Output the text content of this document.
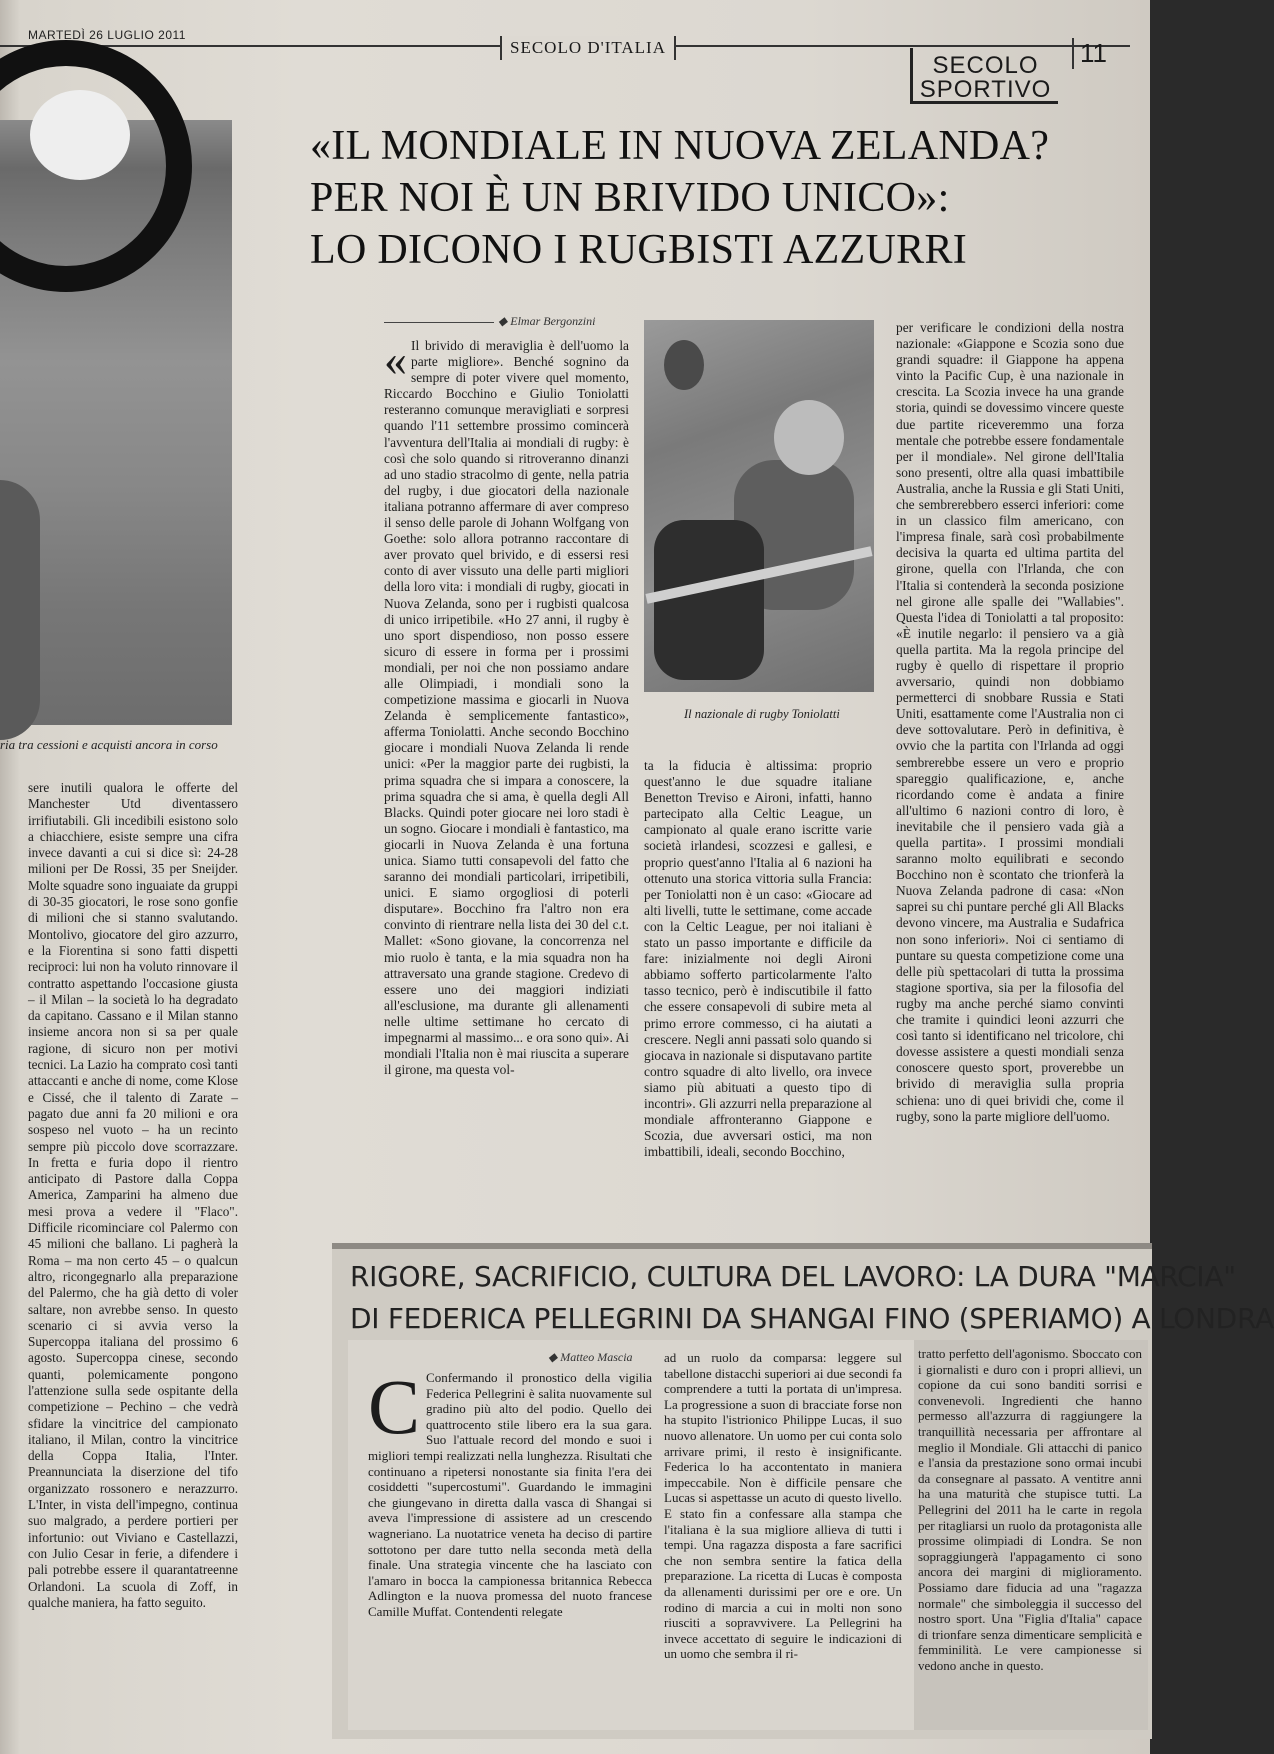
MARTEDÌ 26 LUGLIO 2011
SECOLO D'ITALIA
SECOLO
SPORTIVO
11
ria tra cessioni e acquisti ancora in corso
sere inutili qualora le offerte del Manchester Utd diventassero irrifiutabili. Gli incedibili esistono solo a chiacchiere, esiste sempre una cifra invece davanti a cui si dice sì: 24-28 milioni per De Rossi, 35 per Sneijder. Molte squadre sono inguaiate da gruppi di 30-35 giocatori, le rose sono gonfie di milioni che si stanno svalutando. Montolivo, giocatore del giro azzurro, e la Fiorentina si sono fatti dispetti reciproci: lui non ha voluto rinnovare il contratto aspettando l'occasione giusta – il Milan – la società lo ha degradato da capitano. Cassano e il Milan stanno insieme ancora non si sa per quale ragione, di sicuro non per motivi tecnici. La Lazio ha comprato così tanti attaccanti e anche di nome, come Klose e Cissé, che il talento di Zarate – pagato due anni fa 20 milioni e ora sospeso nel vuoto – ha un recinto sempre più piccolo dove scorrazzare. In fretta e furia dopo il rientro anticipato di Pastore dalla Coppa America, Zamparini ha almeno due mesi prova a vedere il "Flaco". Difficile ricominciare col Palermo con 45 milioni che ballano. Li pagherà la Roma – ma non certo 45 – o qualcun altro, ricongegnarlo alla preparazione del Palermo, che ha già detto di voler saltare, non avrebbe senso. In questo scenario ci si avvia verso la Supercoppa italiana del prossimo 6 agosto. Supercoppa cinese, secondo quanti, polemicamente pongono l'attenzione sulla sede ospitante della competizione – Pechino – che vedrà sfidare la vincitrice del campionato italiano, il Milan, contro la vincitrice della Coppa Italia, l'Inter. Preannunciata la diserzione del tifo organizzato rossonero e nerazzurro. L'Inter, in vista dell'impegno, continua suo malgrado, a perdere portieri per infortunio: out Viviano e Castellazzi, con Julio Cesar in ferie, a difendere i pali potrebbe essere il quarantatreenne Orlandoni. La scuola di Zoff, in qualche maniera, ha fatto seguito.
«IL MONDIALE IN NUOVA ZELANDA?
PER NOI È UN BRIVIDO UNICO»:
LO DICONO I RUGBISTI AZZURRI
◆ Elmar Bergonzini
« Il brivido di meraviglia è dell'uomo la parte migliore». Benché sognino da sempre di poter vivere quel momento, Riccardo Bocchino e Giulio Toniolatti resteranno comunque meravigliati e sorpresi quando l'11 settembre prossimo comincerà l'avventura dell'Italia ai mondiali di rugby: è così che solo quando si ritroveranno dinanzi ad uno stadio stracolmo di gente, nella patria del rugby, i due giocatori della nazionale italiana potranno affermare di aver compreso il senso delle parole di Johann Wolfgang von Goethe: solo allora potranno raccontare di aver provato quel brivido, e di essersi resi conto di aver vissuto una delle parti migliori della loro vita: i mondiali di rugby, giocati in Nuova Zelanda, sono per i rugbisti qualcosa di unico irripetibile. «Ho 27 anni, il rugby è uno sport dispendioso, non posso essere sicuro di essere in forma per i prossimi mondiali, per noi che non possiamo andare alle Olimpiadi, i mondiali sono la competizione massima e giocarli in Nuova Zelanda è semplicemente fantastico», afferma Toniolatti. Anche secondo Bocchino giocare i mondiali Nuova Zelanda li rende unici: «Per la maggior parte dei rugbisti, la prima squadra che si impara a conoscere, la prima squadra che si ama, è quella degli All Blacks. Quindi poter giocare nei loro stadi è un sogno. Giocare i mondiali è fantastico, ma giocarli in Nuova Zelanda è una fortuna unica. Siamo tutti consapevoli del fatto che saranno dei mondiali particolari, irripetibili, unici. E siamo orgogliosi di poterli disputare». Bocchino fra l'altro non era convinto di rientrare nella lista dei 30 del c.t. Mallet: «Sono giovane, la concorrenza nel mio ruolo è tanta, e la mia squadra non ha attraversato una grande stagione. Credevo di essere uno dei maggiori indiziati all'esclusione, ma durante gli allenamenti nelle ultime settimane ho cercato di impegnarmi al massimo... e ora sono qui». Ai mondiali l'Italia non è mai riuscita a superare il girone, ma questa vol-
Il nazionale di rugby Toniolatti
ta la fiducia è altissima: proprio quest'anno le due squadre italiane Benetton Treviso e Aironi, infatti, hanno partecipato alla Celtic League, un campionato al quale erano iscritte varie società irlandesi, scozzesi e gallesi, e proprio quest'anno l'Italia al 6 nazioni ha ottenuto una storica vittoria sulla Francia: per Toniolatti non è un caso: «Giocare ad alti livelli, tutte le settimane, come accade con la Celtic League, per noi italiani è stato un passo importante e difficile da fare: inizialmente noi degli Aironi abbiamo sofferto particolarmente l'alto tasso tecnico, però è indiscutibile il fatto che essere consapevoli di subire meta al primo errore commesso, ci ha aiutati a crescere. Negli anni passati solo quando si giocava in nazionale si disputavano partite contro squadre di alto livello, ora invece siamo più abituati a questo tipo di incontri». Gli azzurri nella preparazione al mondiale affronteranno Giappone e Scozia, due avversari ostici, ma non imbattibili, ideali, secondo Bocchino,
per verificare le condizioni della nostra nazionale: «Giappone e Scozia sono due grandi squadre: il Giappone ha appena vinto la Pacific Cup, è una nazionale in crescita. La Scozia invece ha una grande storia, quindi se dovessimo vincere queste due partite riceveremmo una forza mentale che potrebbe essere fondamentale per il mondiale». Nel girone dell'Italia sono presenti, oltre alla quasi imbattibile Australia, anche la Russia e gli Stati Uniti, che sembrerebbero esserci inferiori: come in un classico film americano, con l'impresa finale, sarà così probabilmente decisiva la quarta ed ultima partita del girone, quella con l'Irlanda, che con l'Italia si contenderà la seconda posizione nel girone alle spalle dei "Wallabies". Questa l'idea di Toniolatti a tal proposito: «È inutile negarlo: il pensiero va a già quella partita. Ma la regola principe del rugby è quello di rispettare il proprio avversario, quindi non dobbiamo permetterci di snobbare Russia e Stati Uniti, esattamente come l'Australia non ci deve sottovalutare. Però in definitiva, è ovvio che la partita con l'Irlanda ad oggi sembrerebbe essere un vero e proprio spareggio qualificazione, e, anche ricordando come è andata a finire all'ultimo 6 nazioni contro di loro, è inevitabile che il pensiero vada già a quella partita». I prossimi mondiali saranno molto equilibrati e secondo Bocchino non è scontato che trionferà la Nuova Zelanda padrone di casa: «Non saprei su chi puntare perché gli All Blacks devono vincere, ma Australia e Sudafrica non sono inferiori». Noi ci sentiamo di puntare su questa competizione come una delle più spettacolari di tutta la prossima stagione sportiva, sia per la filosofia del rugby ma anche perché siamo convinti che tramite i quindici leoni azzurri che così tanto si identificano nel tricolore, chi dovesse assistere a questi mondiali senza conoscere questo sport, proverebbe un brivido di meraviglia sulla propria schiena: uno di quei brividi che, come il rugby, sono la parte migliore dell'uomo.
RIGORE, SACRIFICIO, CULTURA DEL LAVORO: LA DURA "MARCIA"
DI FEDERICA PELLEGRINI DA SHANGAI FINO (SPERIAMO) A LONDRA
◆ Matteo Mascia
C Confermando il pronostico della vigilia Federica Pellegrini è salita nuovamente sul gradino più alto del podio. Quello dei quattrocento stile libero era la sua gara. Suo l'attuale record del mondo e suoi i migliori tempi realizzati nella lunghezza. Risultati che continuano a ripetersi nonostante sia finita l'era dei cosiddetti "supercostumi". Guardando le immagini che giungevano in diretta dalla vasca di Shangai si aveva l'impressione di assistere ad un crescendo wagneriano. La nuotatrice veneta ha deciso di partire sottotono per dare tutto nella seconda metà della finale. Una strategia vincente che ha lasciato con l'amaro in bocca la campionessa britannica Rebecca Adlington e la nuova promessa del nuoto francese Camille Muffat. Contendenti relegate
ad un ruolo da comparsa: leggere sul tabellone distacchi superiori ai due secondi fa comprendere a tutti la portata di un'impresa. La progressione a suon di bracciate forse non ha stupito l'istrionico Philippe Lucas, il suo nuovo allenatore. Un uomo per cui conta solo arrivare primi, il resto è insignificante. Federica lo ha accontentato in maniera impeccabile. Non è difficile pensare che Lucas si aspettasse un acuto di questo livello. E stato fin a confessare alla stampa che l'italiana è la sua migliore allieva di tutti i tempi. Una ragazza disposta a fare sacrifici che non sembra sentire la fatica della preparazione. La ricetta di Lucas è composta da allenamenti durissimi per ore e ore. Un rodino di marcia a cui in molti non sono riusciti a sopravvivere. La Pellegrini ha invece accettato di seguire le indicazioni di un uomo che sembra il ri-
tratto perfetto dell'agonismo. Sboccato con i giornalisti e duro con i propri allievi, un copione da cui sono banditi sorrisi e convenevoli. Ingredienti che hanno permesso all'azzurra di raggiungere la tranquillità necessaria per affrontare al meglio il Mondiale. Gli attacchi di panico e l'ansia da prestazione sono ormai incubi da consegnare al passato. A ventitre anni ha una maturità che stupisce tutti. La Pellegrini del 2011 ha le carte in regola per ritagliarsi un ruolo da protagonista alle prossime olimpiadi di Londra. Se non sopraggiungerà l'appagamento ci sono ancora dei margini di miglioramento. Possiamo dare fiducia ad una "ragazza normale" che simboleggia il successo del nostro sport. Una "Figlia d'Italia" capace di trionfare senza dimenticare semplicità e femminilità. Le vere campionesse si vedono anche in questo.
